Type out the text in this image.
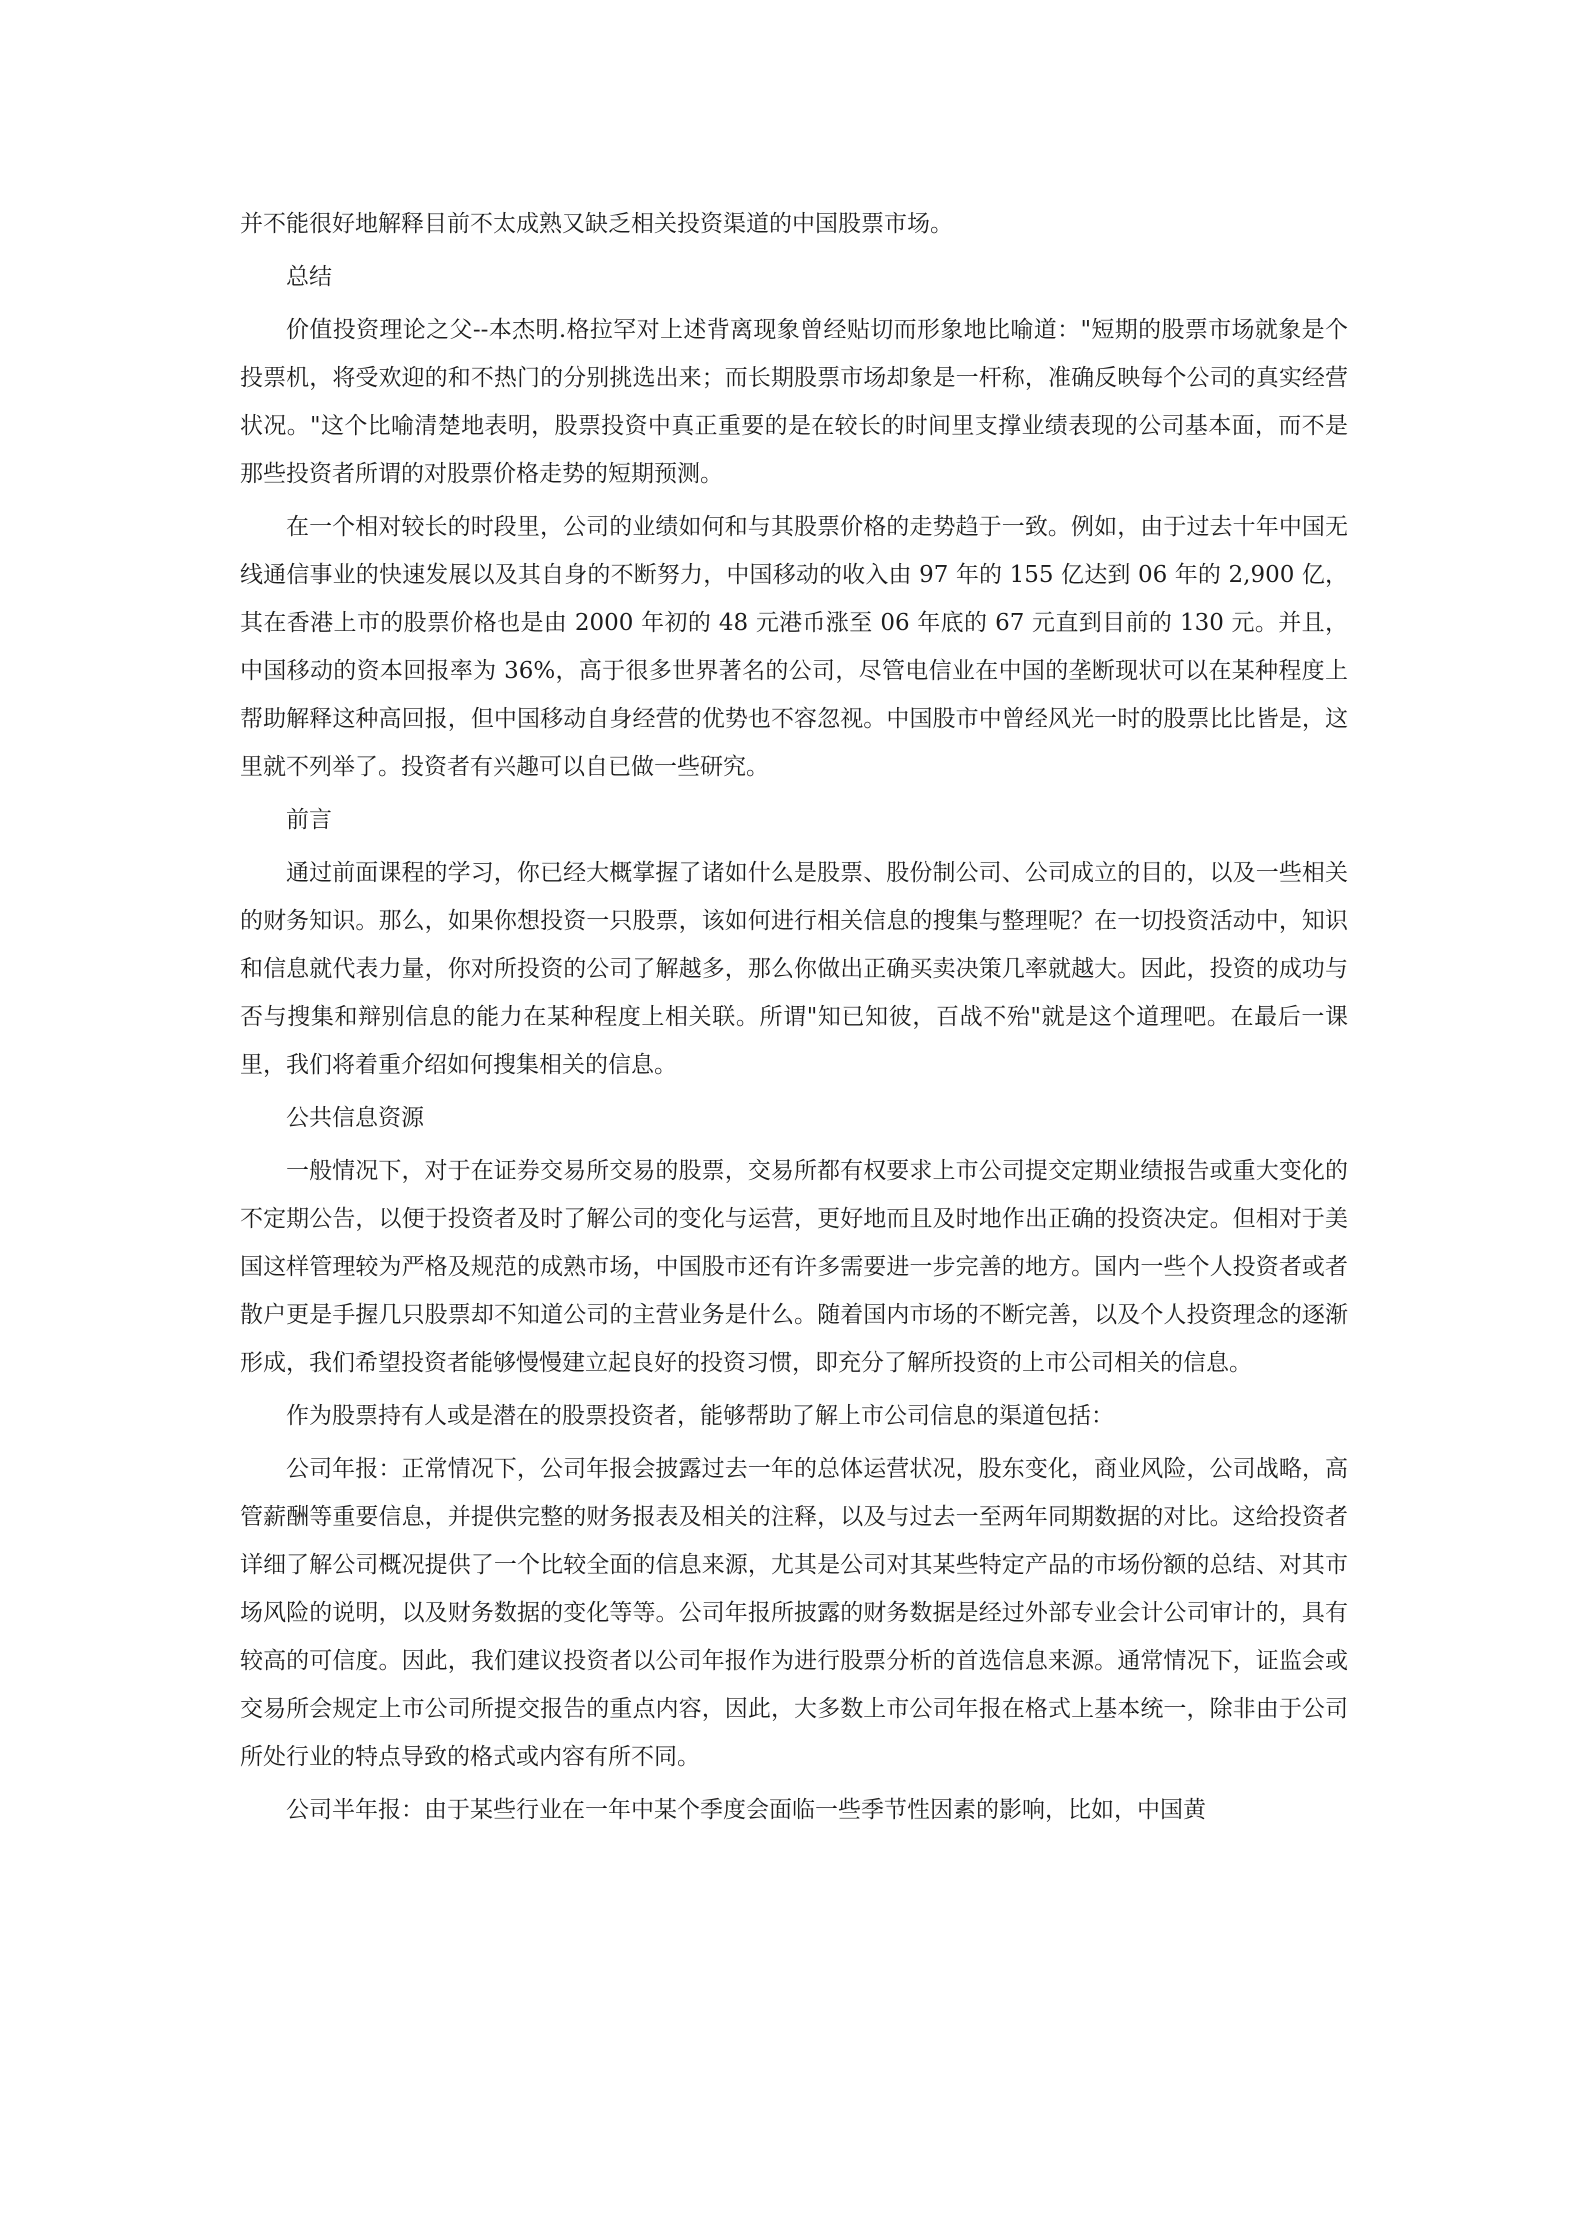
并不能很好地解释目前不太成熟又缺乏相关投资渠道的中国股票市场。

总结

价值投资理论之父--本杰明.格拉罕对上述背离现象曾经贴切而形象地比喻道："短期的股票市场就象是个投票机，将受欢迎的和不热门的分别挑选出来；而长期股票市场却象是一杆称，准确反映每个公司的真实经营状况。"这个比喻清楚地表明，股票投资中真正重要的是在较长的时间里支撑业绩表现的公司基本面，而不是那些投资者所谓的对股票价格走势的短期预测。

在一个相对较长的时段里，公司的业绩如何和与其股票价格的走势趋于一致。例如，由于过去十年中国无线通信事业的快速发展以及其自身的不断努力，中国移动的收入由 97 年的 155 亿达到 06 年的 2,900 亿，其在香港上市的股票价格也是由 2000 年初的 48 元港币涨至 06 年底的 67 元直到目前的 130 元。并且，中国移动的资本回报率为 36%，高于很多世界著名的公司，尽管电信业在中国的垄断现状可以在某种程度上帮助解释这种高回报，但中国移动自身经营的优势也不容忽视。中国股市中曾经风光一时的股票比比皆是，这里就不列举了。投资者有兴趣可以自已做一些研究。

前言

通过前面课程的学习，你已经大概掌握了诸如什么是股票、股份制公司、公司成立的目的，以及一些相关的财务知识。那么，如果你想投资一只股票，该如何进行相关信息的搜集与整理呢？在一切投资活动中，知识和信息就代表力量，你对所投资的公司了解越多，那么你做出正确买卖决策几率就越大。因此，投资的成功与否与搜集和辩别信息的能力在某种程度上相关联。所谓"知已知彼，百战不殆"就是这个道理吧。在最后一课里，我们将着重介绍如何搜集相关的信息。

公共信息资源

一般情况下，对于在证券交易所交易的股票，交易所都有权要求上市公司提交定期业绩报告或重大变化的不定期公告，以便于投资者及时了解公司的变化与运营，更好地而且及时地作出正确的投资决定。但相对于美国这样管理较为严格及规范的成熟市场，中国股市还有许多需要进一步完善的地方。国内一些个人投资者或者散户更是手握几只股票却不知道公司的主营业务是什么。随着国内市场的不断完善，以及个人投资理念的逐渐形成，我们希望投资者能够慢慢建立起良好的投资习惯，即充分了解所投资的上市公司相关的信息。

作为股票持有人或是潜在的股票投资者，能够帮助了解上市公司信息的渠道包括：

公司年报：正常情况下，公司年报会披露过去一年的总体运营状况，股东变化，商业风险，公司战略，高管薪酬等重要信息，并提供完整的财务报表及相关的注释，以及与过去一至两年同期数据的对比。这给投资者详细了解公司概况提供了一个比较全面的信息来源，尤其是公司对其某些特定产品的市场份额的总结、对其市场风险的说明，以及财务数据的变化等等。公司年报所披露的财务数据是经过外部专业会计公司审计的，具有较高的可信度。因此，我们建议投资者以公司年报作为进行股票分析的首选信息来源。通常情况下，证监会或交易所会规定上市公司所提交报告的重点内容，因此，大多数上市公司年报在格式上基本统一，除非由于公司所处行业的特点导致的格式或内容有所不同。

公司半年报：由于某些行业在一年中某个季度会面临一些季节性因素的影响，比如，中国黄
